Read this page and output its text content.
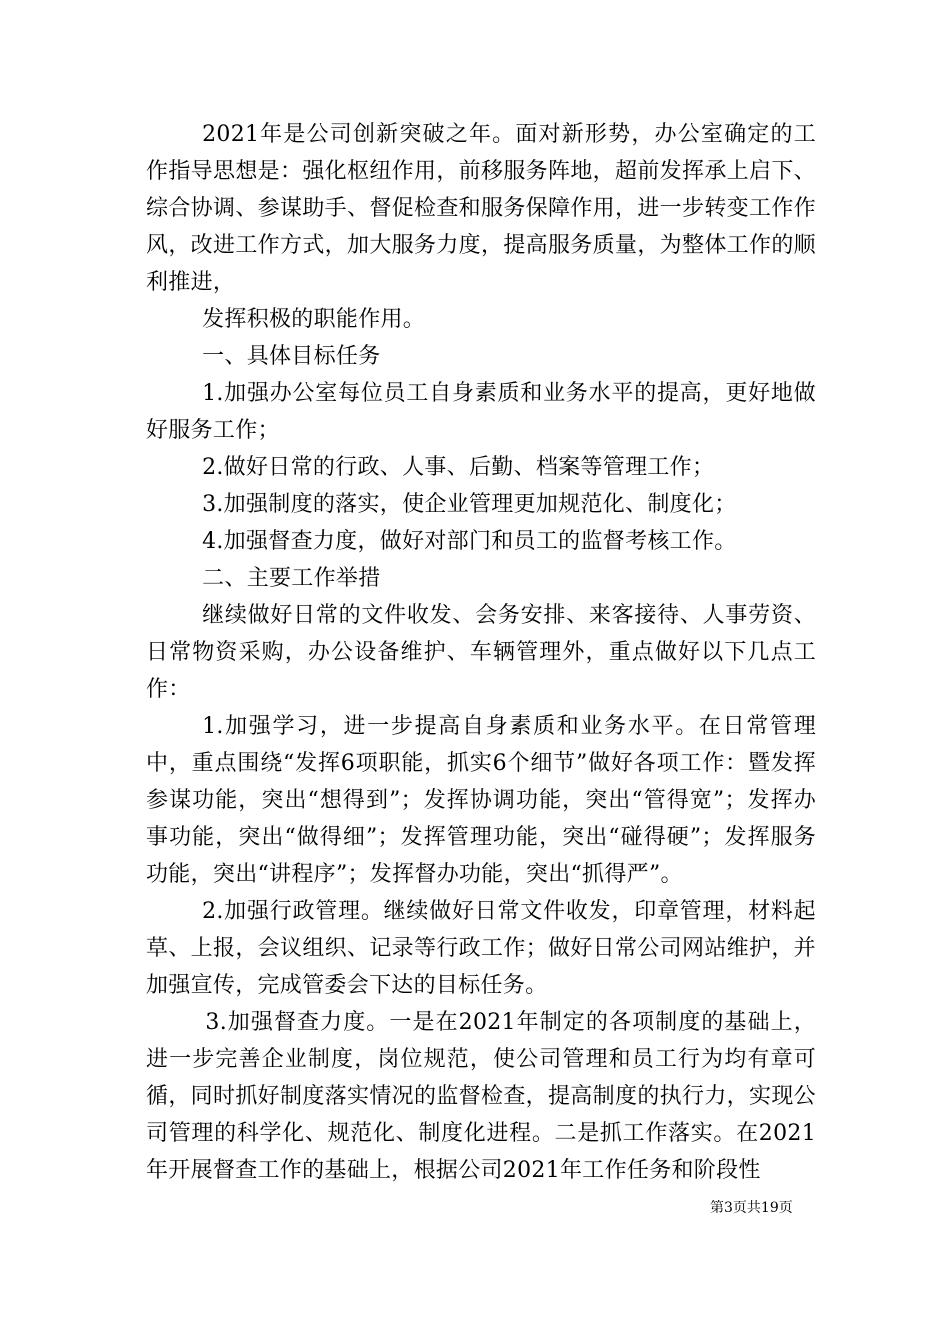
2021年是公司创新突破之年。面对新形势，办公室确定的工作指导思想是：强化枢纽作用，前移服务阵地，超前发挥承上启下、综合协调、参谋助手、督促检查和服务保障作用，进一步转变工作作风，改进工作方式，加大服务力度，提高服务质量，为整体工作的顺利推进，

发挥积极的职能作用。

一、具体目标任务

1.加强办公室每位员工自身素质和业务水平的提高，更好地做好服务工作；

2.做好日常的行政、人事、后勤、档案等管理工作；

3.加强制度的落实，使企业管理更加规范化、制度化；

4.加强督查力度，做好对部门和员工的监督考核工作。

二、主要工作举措

继续做好日常的文件收发、会务安排、来客接待、人事劳资、日常物资采购，办公设备维护、车辆管理外，重点做好以下几点工作：

1.加强学习，进一步提高自身素质和业务水平。在日常管理中，重点围绕“发挥6项职能，抓实6个细节”做好各项工作：暨发挥参谋功能，突出“想得到”；发挥协调功能，突出“管得宽”；发挥办事功能，突出“做得细”；发挥管理功能，突出“碰得硬”；发挥服务功能，突出“讲程序”；发挥督办功能，突出“抓得严”。

2.加强行政管理。继续做好日常文件收发，印章管理，材料起草、上报，会议组织、记录等行政工作；做好日常公司网站维护，并加强宣传，完成管委会下达的目标任务。

3.加强督查力度。一是在2021年制定的各项制度的基础上，进一步完善企业制度，岗位规范，使公司管理和员工行为均有章可循，同时抓好制度落实情况的监督检查，提高制度的执行力，实现公司管理的科学化、规范化、制度化进程。二是抓工作落实。在2021年开展督查工作的基础上，根据公司2021年工作任务和阶段性

第3页共19页
